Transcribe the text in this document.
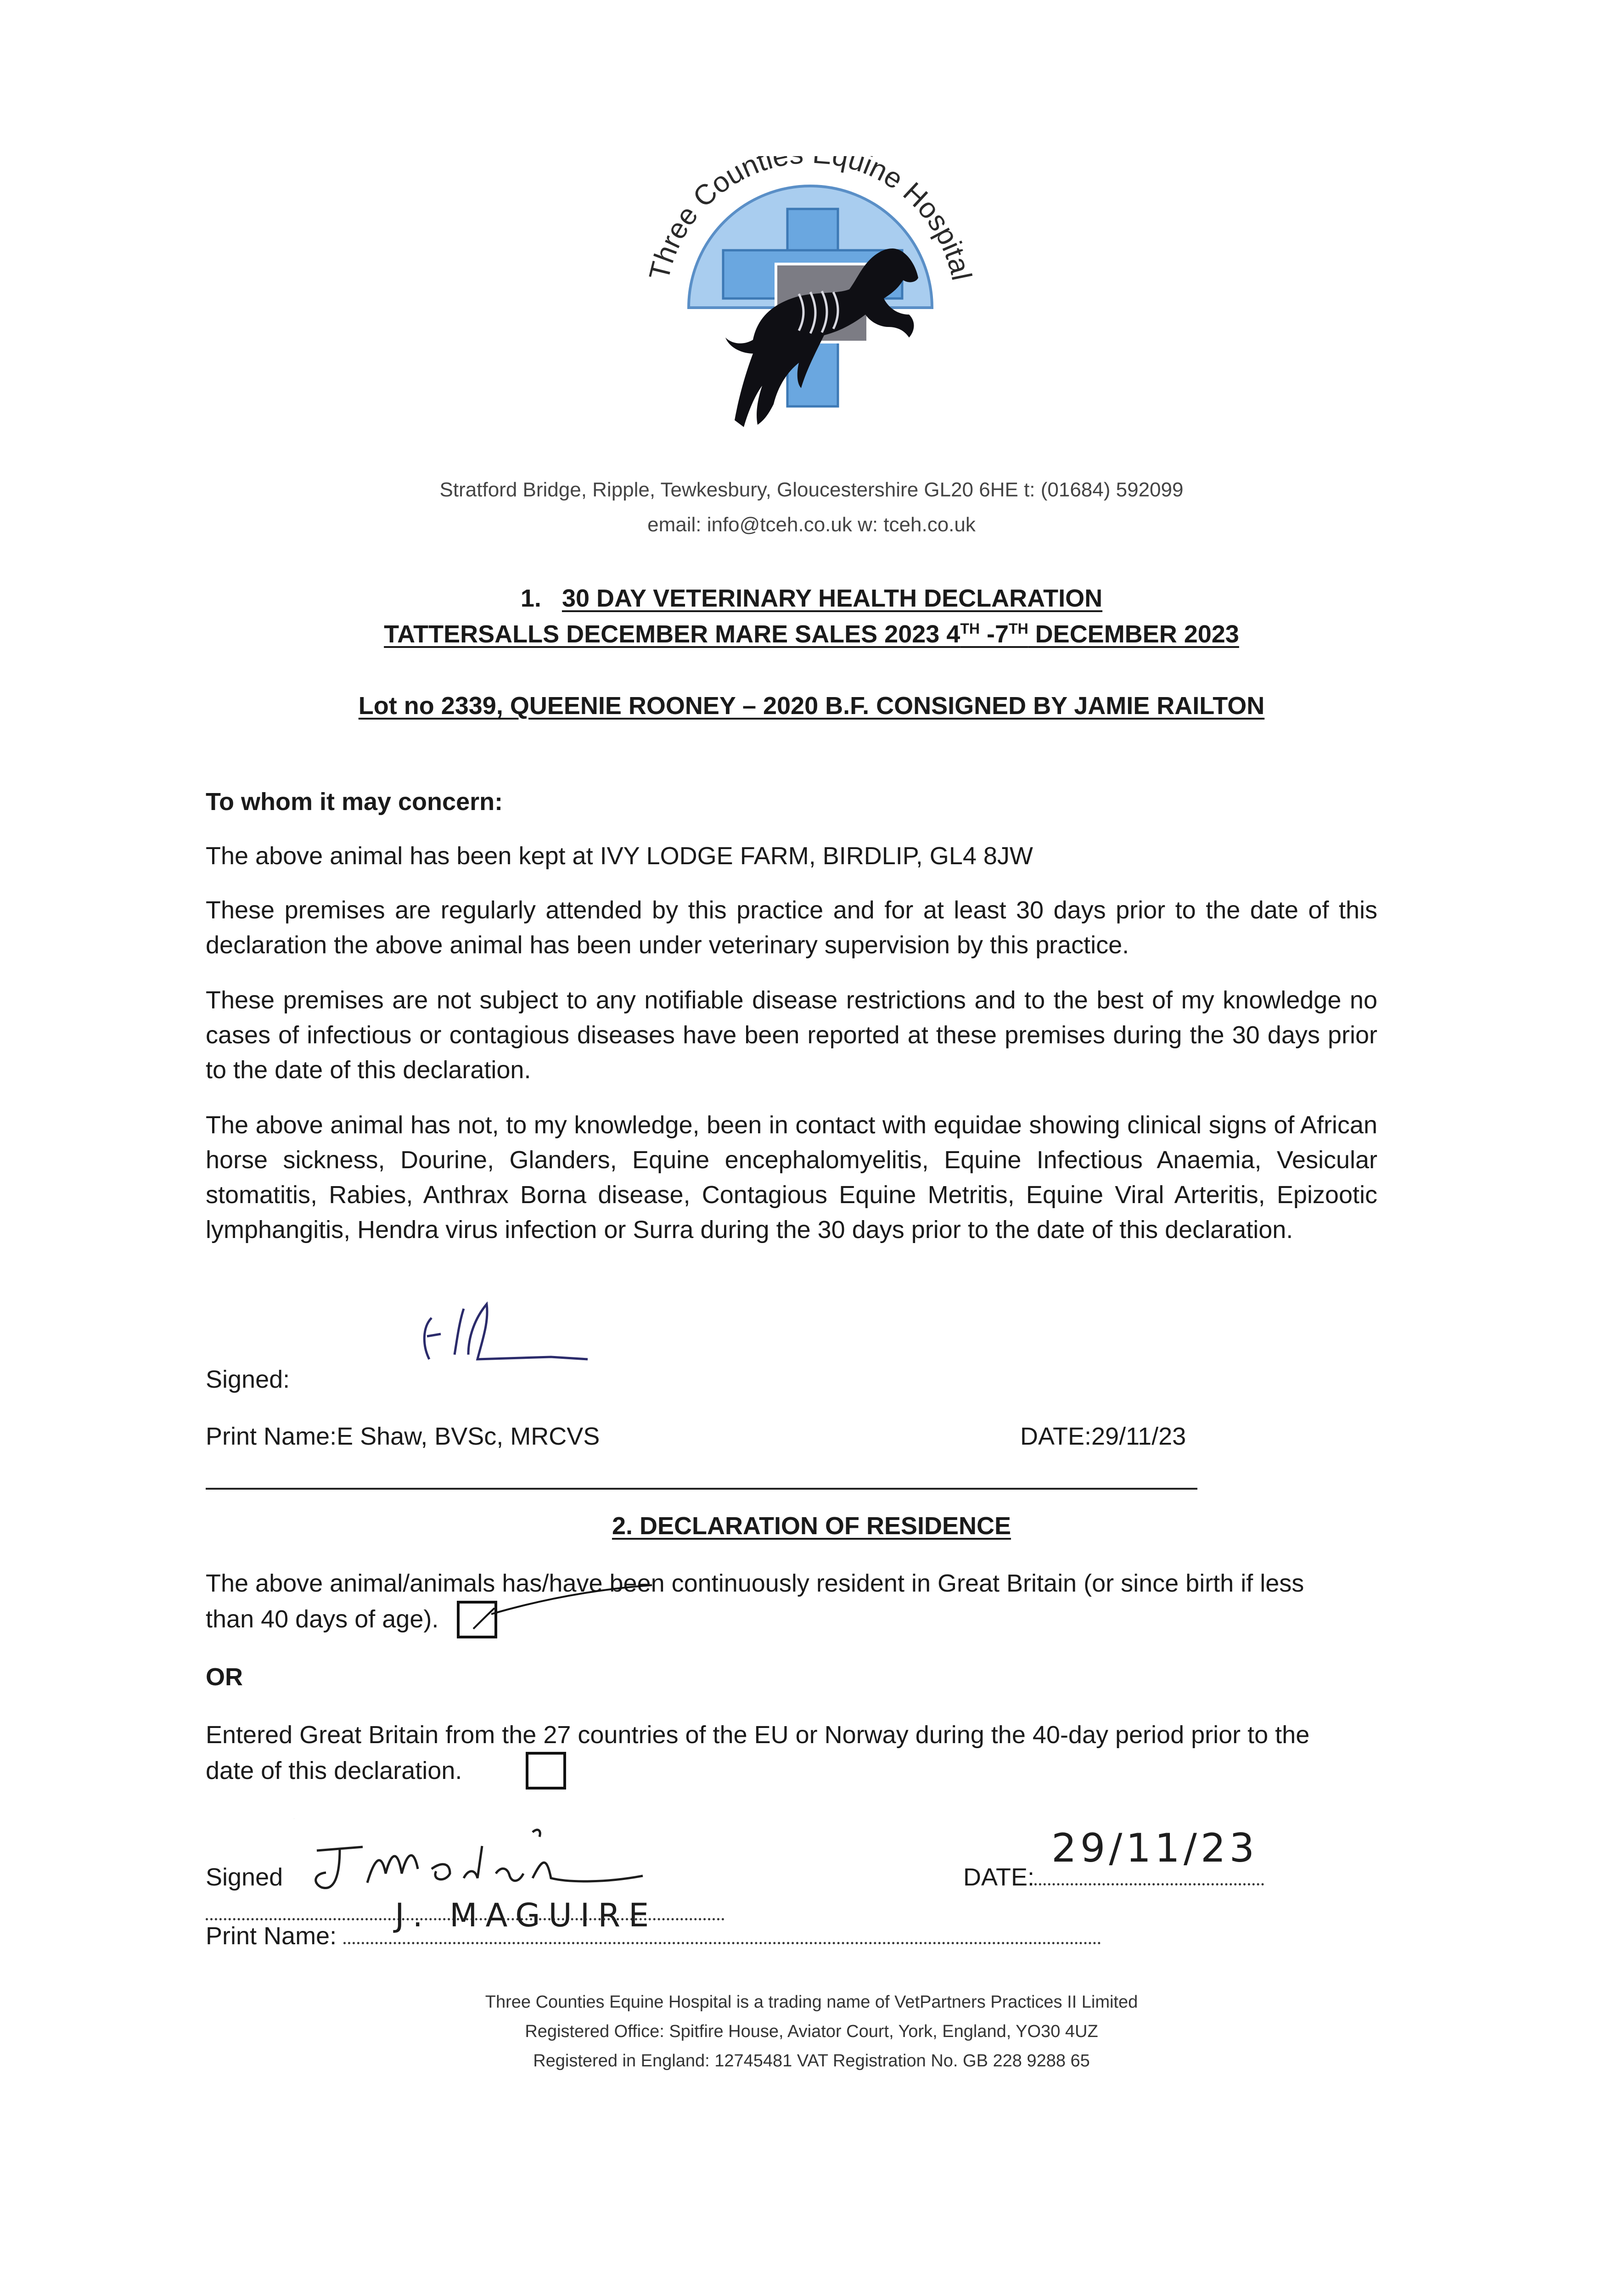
Three Countie quine Hospital
Stratford Bridge, Ripple, Tewkesbury, Gloucestershire GL20 6HE t: (01684) 592099
email: info@tceh.co.uk w: tceh.co.uk
1. 30 DAY VETERINARY HEALTH DECLARATION
TATTERSALLS DECEMBER MARE SALES 2023 4TH -7TH DECEMBER 2023
Lot no 2339, QUEENIE ROONEY – 2020 B.F. CONSIGNED BY JAMIE RAILTON
To whom it may concern:
The above animal has been kept at IVY LODGE FARM, BIRDLIP, GL4 8JW
These premises are regularly attended by this practice and for at least 30 days prior to the date of this declaration the above animal has been under veterinary supervision by this practice.
These premises are not subject to any notifiable disease restrictions and to the best of my knowledge no cases of infectious or contagious diseases have been reported at these premises during the 30 days prior to the date of this declaration.
The above animal has not, to my knowledge, been in contact with equidae showing clinical signs of African horse sickness, Dourine, Glanders, Equine encephalomyelitis, Equine Infectious Anaemia, Vesicular stomatitis, Rabies, Anthrax Borna disease, Contagious Equine Metritis, Equine Viral Arteritis, Epizootic lymphangitis, Hendra virus infection or Surra during the 30 days prior to the date of this declaration.
Signed:
Print Name:E Shaw, BVSc, MRCVS	DATE:29/11/23
2. DECLARATION OF RESIDENCE
The above animal/animals has/have been continuously resident in Great Britain (or since birth if less
than 40 days of age).
OR
Entered Great Britain from the 27 countries of the EU or Norway during the 40-day period prior to the
date of this declaration.
Signed
J
DATE:
29/11/23
Print Name:
J. MAGUIRE
Three Counties Equine Hospital is a trading name of VetPartners Practices II Limited
Registered Office: Spitfire House, Aviator Court, York, England, YO30 4UZ
Registered in England: 12745481 VAT Registration No. GB 228 9288 65
